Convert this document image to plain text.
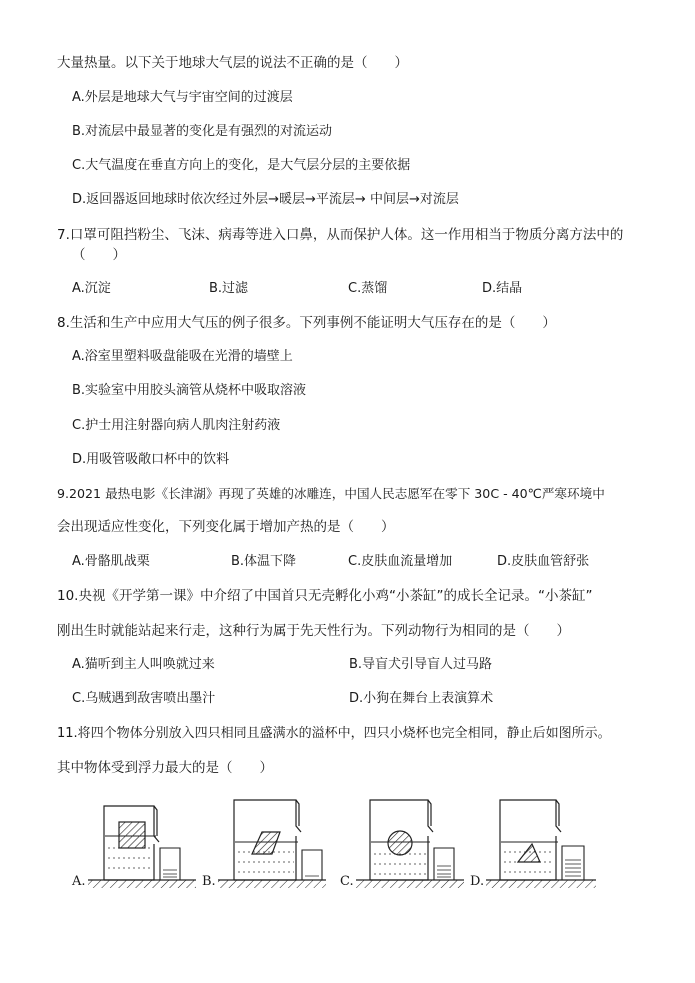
大量热量。以下关于地球大气层的说法不正确的是（　　）
A.外层是地球大气与宇宙空间的过渡层
B.对流层中最显著的变化是有强烈的对流运动
C.大气温度在垂直方向上的变化，是大气层分层的主要依据
D.返回器返回地球时依次经过外层→暖层→平流层→ 中间层→对流层
7.口罩可阻挡粉尘、飞沫、病毒等进入口鼻，从而保护人体。这一作用相当于物质分离方法中的
（　　）
A.沉淀	B.过滤	C.蒸馏	D.结晶
8.生活和生产中应用大气压的例子很多。下列事例不能证明大气压存在的是（　　）
A.浴室里塑料吸盘能吸在光滑的墙壁上
B.实验室中用胶头滴管从烧杯中吸取溶液
C.护士用注射器向病人肌肉注射药液
D.用吸管吸敞口杯中的饮料
9.2021 最热电影《长津湖》再现了英雄的冰雕连，中国人民志愿军在零下 30C - 40℃严寒环境中
会出现适应性变化，下列变化属于增加产热的是（　　）
A.骨骼肌战栗	B.体温下降	C.皮肤血流量增加	D.皮肤血管舒张
10.央视《开学第一课》中介绍了中国首只无壳孵化小鸡“小茶缸”的成长全记录。“小茶缸”
刚出生时就能站起来行走，这种行为属于先天性行为。下列动物行为相同的是（　　）
A.猫听到主人叫唤就过来	B.导盲犬引导盲人过马路
C.乌贼遇到敌害喷出墨汁	D.小狗在舞台上表演算术
11.将四个物体分别放入四只相同且盛满水的溢杯中，四只小烧杯也完全相同，静止后如图所示。
其中物体受到浮力最大的是（　　）
A.	B.	C.	D.
